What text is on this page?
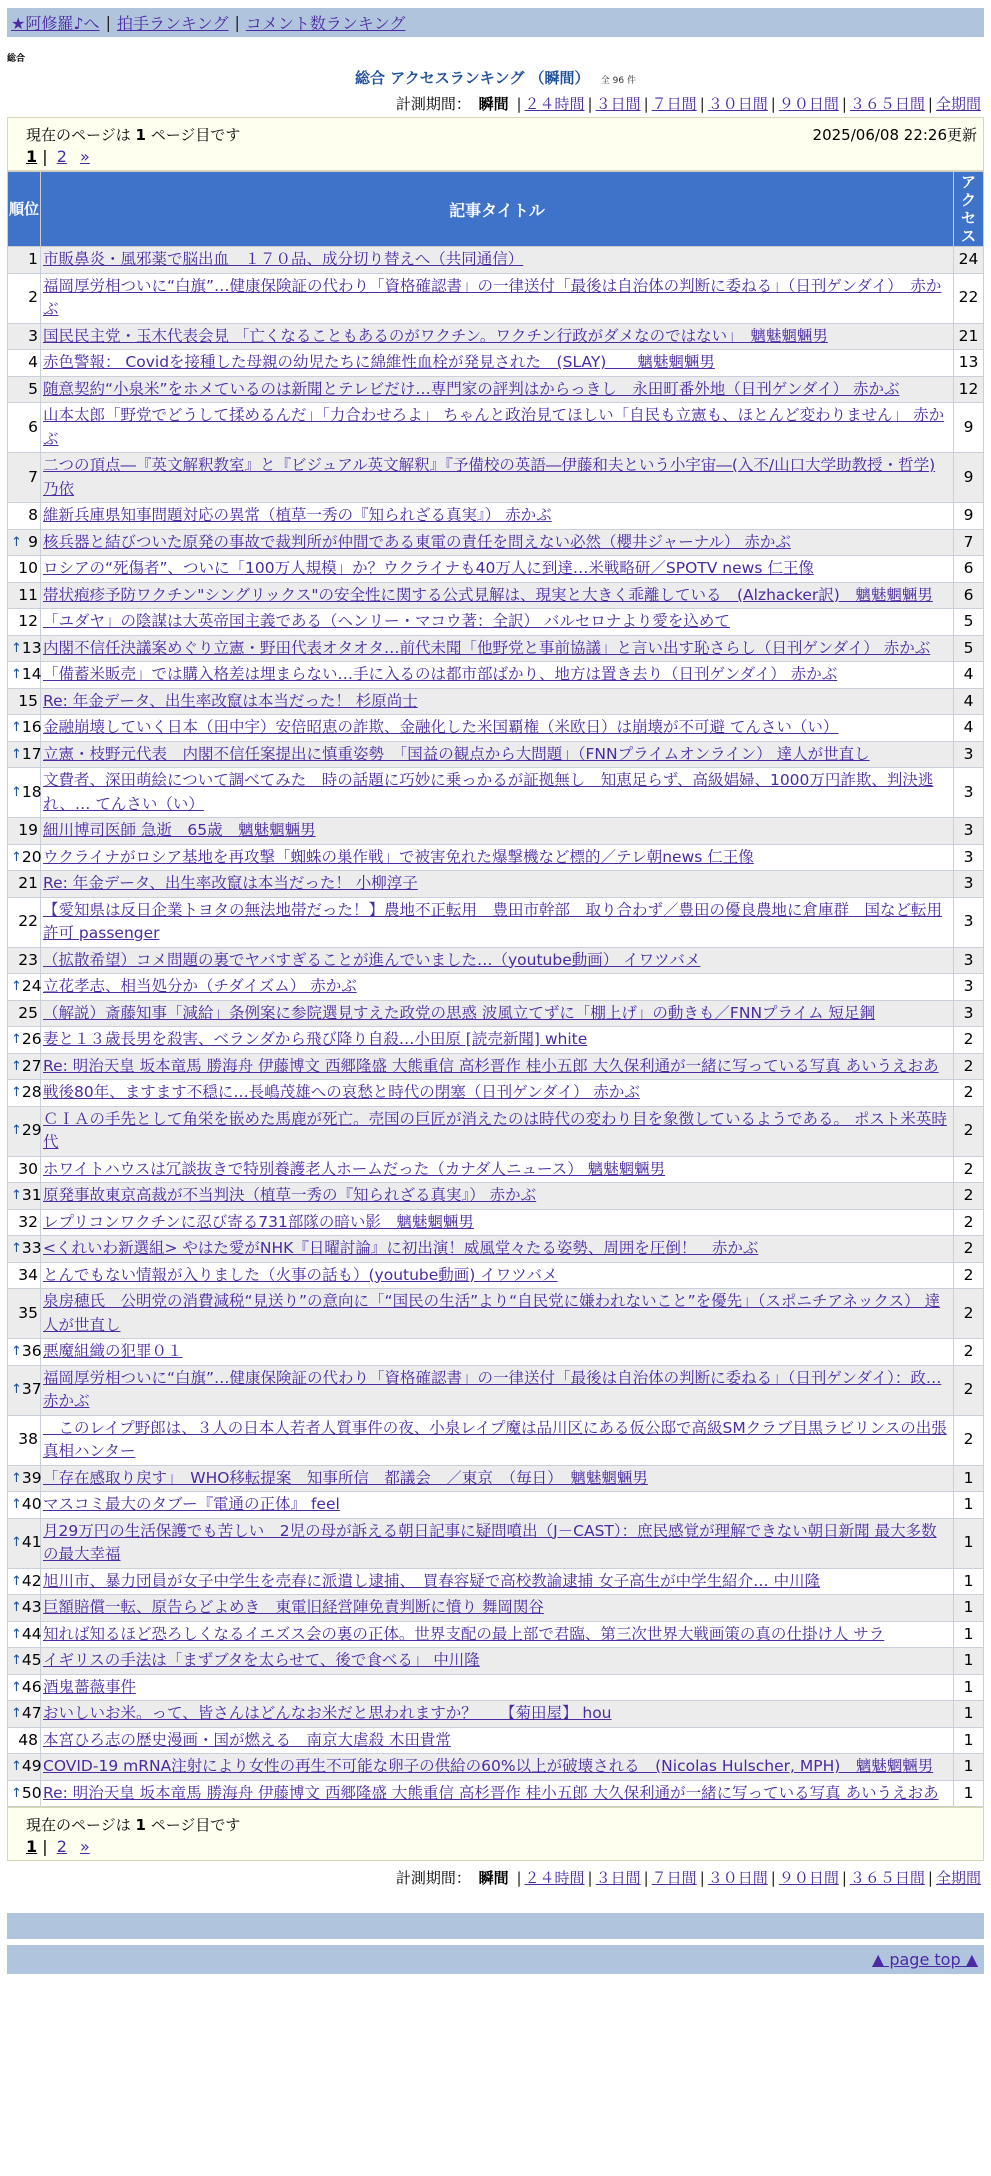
★阿修羅♪へ | 拍手ランキング | コメント数ランキング
総合
総合 アクセスランキング （瞬間） 全 96 件
計測期間： 瞬間 | ２４時間 | ３日間 | ７日間 | ３０日間 | ９０日間 | ３６５日間 | 全期間
現在のページは 1 ページ目です	2025/06/08 22:26更新
1 | 2 »
順位	記事タイトル	アクセス
1	市販鼻炎・風邪薬で脳出血　１７０品、成分切り替えへ（共同通信）	24
2	福岡厚労相ついに“白旗”…健康保険証の代わり「資格確認書」の一律送付「最後は自治体の判断に委ねる」（日刊ゲンダイ）　赤かぶ	22
3	国民民主党・玉木代表会見 「亡くなることもあるのがワクチン。ワクチン行政がダメなのではない」　魑魅魍魎男	21
4	赤色警報： Covidを接種した母親の幼児たちに綿維性血栓が発見された　(SLAY)　　魑魅魍魎男	13
5	随意契約“小泉米”をホメているのは新聞とテレビだけ…専門家の評判はからっきし　永田町番外地（日刊ゲンダイ） 赤かぶ	12
6	山本太郎「野党でどうして揉めるんだ」「力合わせろよ」 ちゃんと政治見てほしい「自民も立憲も、ほとんど変わりません」 赤かぶ	9
7	二つの頂点―『英文解釈教室』と『ビジュアル英文解釈』『予備校の英語―伊藤和夫という小宇宙―(入不/山口大学助教授・哲学) 乃依	9
8	維新兵庫県知事問題対応の異常（植草一秀の『知られざる真実』） 赤かぶ	9

↑ 9	核兵器と結びついた原発の事故で裁判所が仲間である東電の責任を問えない必然（櫻井ジャーナル） 赤かぶ	7
10	ロシアの“死傷者”、ついに「100万人規模」か？ウクライナも40万人に到達…米戦略研／SPOTV news 仁王像	6
11	帯状疱疹予防ワクチン"シングリックス"の安全性に関する公式見解は、現実と大きく乖離している　(Alzhacker訳)　魑魅魍魎男	6
12	「ユダヤ」の陰謀は大英帝国主義である（ヘンリー・マコウ著：全訳） バルセロナより愛を込めて	5

↑ 13	内閣不信任決議案めぐり立憲・野田代表オタオタ…前代未聞「他野党と事前協議」と言い出す恥さらし（日刊ゲンダイ） 赤かぶ	5

↑ 14	「備蓄米販売」では購入格差は埋まらない…手に入るのは都市部ばかり、地方は置き去り（日刊ゲンダイ） 赤かぶ	4
15	Re: 年金データ、出生率改竄は本当だった！ 杉原尚士	4

↑ 16	金融崩壊していく日本（田中宇）安倍昭恵の詐欺、金融化した米国覇権（米欧日）は崩壊が不可避 てんさい（い）	4

↑ 17	立憲・枝野元代表　内閣不信任案提出に慎重姿勢　「国益の観点から大問題」（FNNプライムオンライン） 達人が世直し	3

↑ 18	文費者、深田萌絵について調べてみた　時の話題に巧妙に乗っかるが証拠無し　知恵足らず、高級娼婦、1000万円詐欺、判決逃れ、… てんさい（い）	3
19	細川博司医師 急逝　65歳　魑魅魍魎男	3

↑ 20	ウクライナがロシア基地を再攻撃「蜘蛛の巣作戦」で被害免れた爆撃機など標的／テレ朝news 仁王像	3
21	Re: 年金データ、出生率改竄は本当だった！ 小柳淳子	3
22	【愛知県は反日企業トヨタの無法地帯だった！】農地不正転用　豊田市幹部　取り合わず／豊田の優良農地に倉庫群　国など転用許可 passenger	3
23	（拡散希望）コメ問題の裏でヤバすぎることが進んでいました…（youtube動画） イワツバメ	3

↑ 24	立花孝志、相当処分か（チダイズム） 赤かぶ	3
25	（解説）斎藤知事「減給」条例案に参院選見すえた政党の思惑 波風立てずに「棚上げ」の動きも／FNNプライム 短足鋼	3

↑ 26	妻と１３歳長男を殺害、ベランダから飛び降り自殺…小田原 [読売新聞] white	2

↑ 27	Re: 明治天皇 坂本竜馬 勝海舟 伊藤博文 西郷隆盛 大熊重信 高杉晋作 桂小五郎 大久保利通が一緒に写っている写真 あいうえおあ	2

↑ 28	戦後80年、ますます不穏に…長嶋茂雄への哀愁と時代の閉塞（日刊ゲンダイ） 赤かぶ	2

↑ 29	ＣＩＡの手先として角栄を嵌めた馬鹿が死亡。売国の巨匠が消えたのは時代の変わり目を象徴しているようである。 ポスト米英時代	2
30	ホワイトハウスは冗談抜きで特別養護老人ホームだった（カナダ人ニュース） 魑魅魍魎男	2

↑ 31	原発事故東京高裁が不当判決（植草一秀の『知られざる真実』） 赤かぶ	2
32	レプリコンワクチンに忍び寄る731部隊の暗い影　魑魅魍魎男	2

↑ 33	<くれいわ新選組> やはた愛がNHK『日曜討論』に初出演！威風堂々たる姿勢、周囲を圧倒！　赤かぶ	2
34	とんでもない情報が入りました（火事の話も）(youtube動画) イワツバメ	2
35	泉房穂氏　公明党の消費減税“見送り”の意向に「“国民の生活”より“自民党に嫌われないこと”を優先」（スポニチアネックス） 達人が世直し	2

↑ 36	悪魔組織の犯罪０１	2

↑ 37	福岡厚労相ついに“白旗”…健康保険証の代わり「資格確認書」の一律送付「最後は自治体の判断に委ねる」（日刊ゲンダイ）：政… 赤かぶ	2
38	　このレイプ野郎は、３人の日本人若者人質事件の夜、小泉レイプ魔は品川区にある仮公邸で高級SMクラブ目黒ラビリンスの出張 真相ハンター	2

↑ 39	「存在感取り戻す」　WHO移転提案　知事所信　都議会　／東京　（毎日）　魑魅魍魎男	1

↑ 40	マスコミ最大のタブー『電通の正体』 feel	1

↑ 41	月29万円の生活保護でも苦しい　2児の母が訴える朝日記事に疑問噴出（J－CAST）：庶民感覚が理解できない朝日新聞 最大多数の最大幸福	1

↑ 42	旭川市、暴力団員が女子中学生を売春に派遣し逮捕、　買春容疑で高校教諭逮捕 女子高生が中学生紹介… 中川隆	1

↑ 43	巨額賠償一転、原告らどよめき　東電旧経営陣免責判断に憤り 舞岡関谷	1

↑ 44	知れば知るほど恐ろしくなるイエズス会の裏の正体。世界支配の最上部で君臨、第三次世界大戦画策の真の仕掛け人 サラ	1

↑ 45	イギリスの手法は「まずブタを太らせて、後で食べる」 中川隆	1

↑ 46	酒鬼薔薇事件	1

↑ 47	おいしいお米。って、皆さんはどんなお米だと思われますか？　　【菊田屋】 hou	1
48	本宮ひろ志の歴史漫画・国が燃える　南京大虐殺 木田貴常	1

↑ 49	COVID-19 mRNA注射により女性の再生不可能な卵子の供給の60%以上が破壊される　(Nicolas Hulscher, MPH)　魑魅魍魎男	1

↑ 50	Re: 明治天皇 坂本竜馬 勝海舟 伊藤博文 西郷隆盛 大熊重信 高杉晋作 桂小五郎 大久保利通が一緒に写っている写真 あいうえおあ	1
現在のページは 1 ページ目です
1 | 2 »
計測期間： 瞬間 | ２４時間 | ３日間 | ７日間 | ３０日間 | ９０日間 | ３６５日間 | 全期間
▲ page top ▲
